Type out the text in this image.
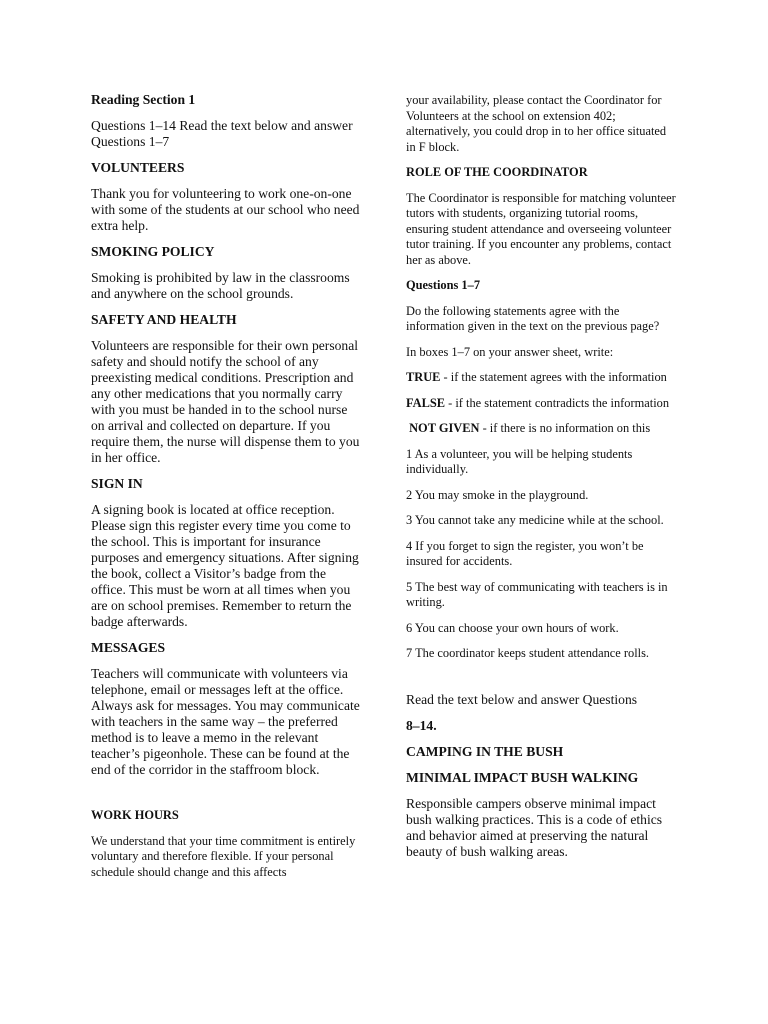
Reading Section 1
Questions 1–14 Read the text below and answer Questions 1–7
VOLUNTEERS
Thank you for volunteering to work one-on-one with some of the students at our school who need extra help.
SMOKING POLICY
Smoking is prohibited by law in the classrooms and anywhere on the school grounds.
SAFETY AND HEALTH
Volunteers are responsible for their own personal safety and should notify the school of any preexisting medical conditions. Prescription and any other medications that you normally carry with you must be handed in to the school nurse on arrival and collected on departure. If you require them, the nurse will dispense them to you in her office.
SIGN IN
A signing book is located at office reception. Please sign this register every time you come to the school. This is important for insurance purposes and emergency situations. After signing the book, collect a Visitor’s badge from the office. This must be worn at all times when you are on school premises. Remember to return the badge afterwards.
MESSAGES
Teachers will communicate with volunteers via telephone, email or messages left at the office. Always ask for messages. You may communicate with teachers in the same way – the preferred method is to leave a memo in the relevant teacher’s pigeonhole. These can be found at the end of the corridor in the staffroom block.
WORK HOURS
We understand that your time commitment is entirely voluntary and therefore flexible. If your personal schedule should change and this affects
your availability, please contact the Coordinator for Volunteers at the school on extension 402; alternatively, you could drop in to her office situated in F block.
ROLE OF THE COORDINATOR
The Coordinator is responsible for matching volunteer tutors with students, organizing tutorial rooms, ensuring student attendance and overseeing volunteer tutor training. If you encounter any problems, contact her as above.
Questions 1–7
Do the following statements agree with the information given in the text on the previous page?
In boxes 1–7 on your answer sheet, write:
TRUE - if the statement agrees with the information
FALSE - if the statement contradicts the information
NOT GIVEN - if there is no information on this
1 As a volunteer, you will be helping students individually.
2 You may smoke in the playground.
3 You cannot take any medicine while at the school.
4 If you forget to sign the register, you won’t be insured for accidents.
5 The best way of communicating with teachers is in writing.
6 You can choose your own hours of work.
7 The coordinator keeps student attendance rolls.
Read the text below and answer Questions
8–14.
CAMPING IN THE BUSH
MINIMAL IMPACT BUSH WALKING
Responsible campers observe minimal impact bush walking practices. This is a code of ethics and behavior aimed at preserving the natural beauty of bush walking areas.
